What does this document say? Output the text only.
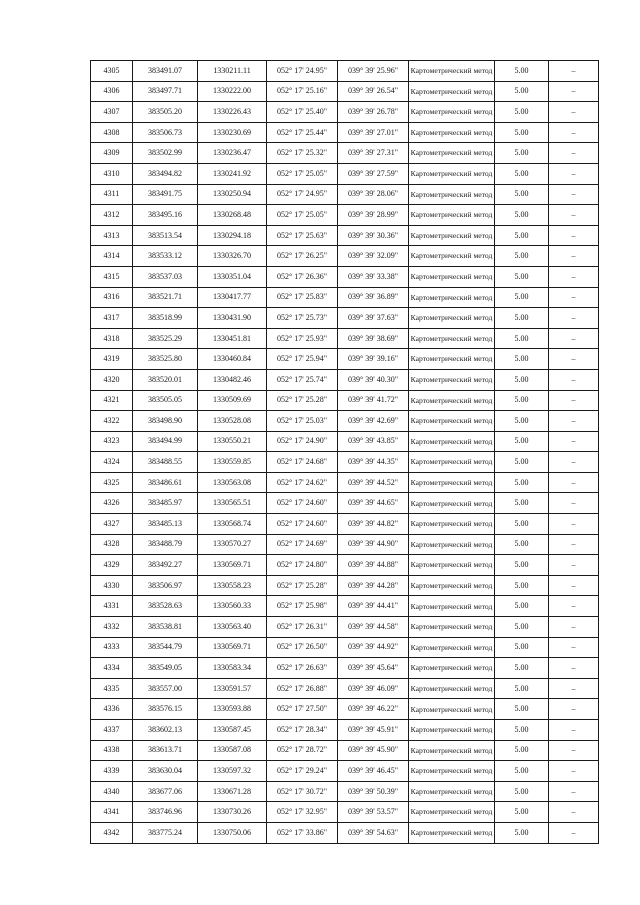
4305	383491.07	1330211.11	052° 17' 24.95"	039° 39' 25.96"	Картометрический метод	5.00	–
4306	383497.71	1330222.00	052° 17' 25.16"	039° 39' 26.54"	Картометрический метод	5.00	–
4307	383505.20	1330226.43	052° 17' 25.40"	039° 39' 26.78"	Картометрический метод	5.00	–
4308	383506.73	1330230.69	052° 17' 25.44"	039° 39' 27.01"	Картометрический метод	5.00	–
4309	383502.99	1330236.47	052° 17' 25.32"	039° 39' 27.31"	Картометрический метод	5.00	–
4310	383494.82	1330241.92	052° 17' 25.05"	039° 39' 27.59"	Картометрический метод	5.00	–
4311	383491.75	1330250.94	052° 17' 24.95"	039° 39' 28.06"	Картометрический метод	5.00	–
4312	383495.16	1330268.48	052° 17' 25.05"	039° 39' 28.99"	Картометрический метод	5.00	–
4313	383513.54	1330294.18	052° 17' 25.63"	039° 39' 30.36"	Картометрический метод	5.00	–
4314	383533.12	1330326.70	052° 17' 26.25"	039° 39' 32.09"	Картометрический метод	5.00	–
4315	383537.03	1330351.04	052° 17' 26.36"	039° 39' 33.38"	Картометрический метод	5.00	–
4316	383521.71	1330417.77	052° 17' 25.83"	039° 39' 36.89"	Картометрический метод	5.00	–
4317	383518.99	1330431.90	052° 17' 25.73"	039° 39' 37.63"	Картометрический метод	5.00	–
4318	383525.29	1330451.81	052° 17' 25.93"	039° 39' 38.69"	Картометрический метод	5.00	–
4319	383525.80	1330460.84	052° 17' 25.94"	039° 39' 39.16"	Картометрический метод	5.00	–
4320	383520.01	1330482.46	052° 17' 25.74"	039° 39' 40.30"	Картометрический метод	5.00	–
4321	383505.05	1330509.69	052° 17' 25.28"	039° 39' 41.72"	Картометрический метод	5.00	–
4322	383498.90	1330528.08	052° 17' 25.03"	039° 39' 42.69"	Картометрический метод	5.00	–
4323	383494.99	1330550.21	052° 17' 24.90"	039° 39' 43.85"	Картометрический метод	5.00	–
4324	383488.55	1330559.85	052° 17' 24.68"	039° 39' 44.35"	Картометрический метод	5.00	–
4325	383486.61	1330563.08	052° 17' 24.62"	039° 39' 44.52"	Картометрический метод	5.00	–
4326	383485.97	1330565.51	052° 17' 24.60"	039° 39' 44.65"	Картометрический метод	5.00	–
4327	383485.13	1330568.74	052° 17' 24.60"	039° 39' 44.82"	Картометрический метод	5.00	–
4328	383488.79	1330570.27	052° 17' 24.69"	039° 39' 44.90"	Картометрический метод	5.00	–
4329	383492.27	1330569.71	052° 17' 24.80"	039° 39' 44.88"	Картометрический метод	5.00	–
4330	383506.97	1330558.23	052° 17' 25.28"	039° 39' 44.28"	Картометрический метод	5.00	–
4331	383528.63	1330560.33	052° 17' 25.98"	039° 39' 44.41"	Картометрический метод	5.00	–
4332	383538.81	1330563.40	052° 17' 26.31"	039° 39' 44.58"	Картометрический метод	5.00	–
4333	383544.79	1330569.71	052° 17' 26.50"	039° 39' 44.92"	Картометрический метод	5.00	–
4334	383549.05	1330583.34	052° 17' 26.63"	039° 39' 45.64"	Картометрический метод	5.00	–
4335	383557.00	1330591.57	052° 17' 26.88"	039° 39' 46.09"	Картометрический метод	5.00	–
4336	383576.15	1330593.88	052° 17' 27.50"	039° 39' 46.22"	Картометрический метод	5.00	–
4337	383602.13	1330587.45	052° 17' 28.34"	039° 39' 45.91"	Картометрический метод	5.00	–
4338	383613.71	1330587.08	052° 17' 28.72"	039° 39' 45.90"	Картометрический метод	5.00	–
4339	383630.04	1330597.32	052° 17' 29.24"	039° 39' 46.45"	Картометрический метод	5.00	–
4340	383677.06	1330671.28	052° 17' 30.72"	039° 39' 50.39"	Картометрический метод	5.00	–
4341	383746.96	1330730.26	052° 17' 32.95"	039° 39' 53.57"	Картометрический метод	5.00	–
4342	383775.24	1330750.06	052° 17' 33.86"	039° 39' 54.63"	Картометрический метод	5.00	–
